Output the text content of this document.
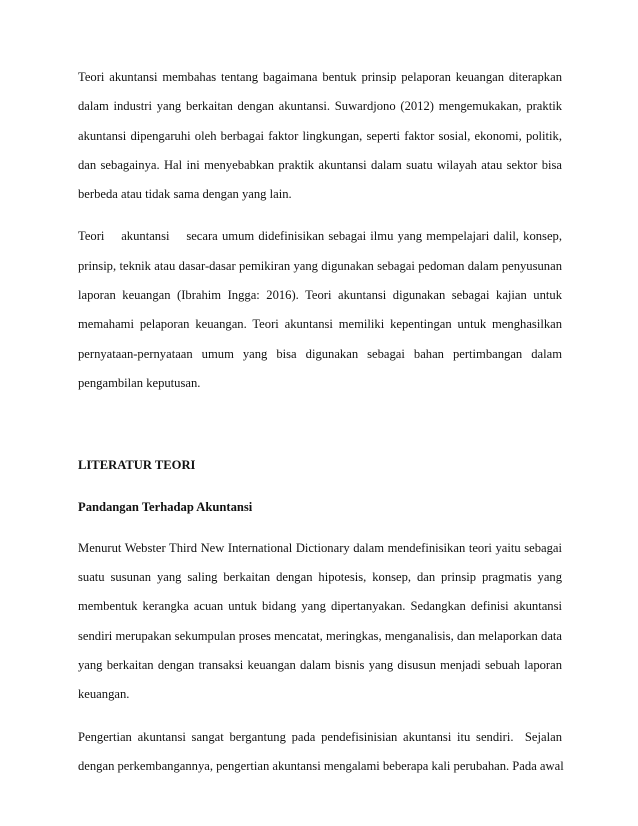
Teori akuntansi membahas tentang bagaimana bentuk prinsip pelaporan keuangan diterapkan
dalam industri yang berkaitan dengan akuntansi. Suwardjono (2012) mengemukakan, praktik
akuntansi dipengaruhi oleh berbagai faktor lingkungan, seperti faktor sosial, ekonomi, politik,
dan sebagainya. Hal ini menyebabkan praktik akuntansi dalam suatu wilayah atau sektor bisa
berbeda atau tidak sama dengan yang lain.
Teori    akuntansi    secara umum didefinisikan sebagai ilmu yang mempelajari dalil, konsep,
prinsip, teknik atau dasar-dasar pemikiran yang digunakan sebagai pedoman dalam penyusunan
laporan keuangan (Ibrahim Ingga: 2016). Teori akuntansi digunakan sebagai kajian untuk
memahami pelaporan keuangan. Teori akuntansi memiliki kepentingan untuk menghasilkan
pernyataan-pernyataan umum yang bisa digunakan sebagai bahan pertimbangan dalam
pengambilan keputusan.
LITERATUR TEORI
Pandangan Terhadap Akuntansi
Menurut Webster Third New International Dictionary dalam mendefinisikan teori yaitu sebagai
suatu susunan yang saling berkaitan dengan hipotesis, konsep, dan prinsip pragmatis yang
membentuk kerangka acuan untuk bidang yang dipertanyakan. Sedangkan definisi akuntansi
sendiri merupakan sekumpulan proses mencatat, meringkas, menganalisis, dan melaporkan data
yang berkaitan dengan transaksi keuangan dalam bisnis yang disusun menjadi sebuah laporan
keuangan.
Pengertian akuntansi sangat bergantung pada pendefisinisian akuntansi itu sendiri.  Sejalan
dengan perkembangannya, pengertian akuntansi mengalami beberapa kali perubahan. Pada awal
